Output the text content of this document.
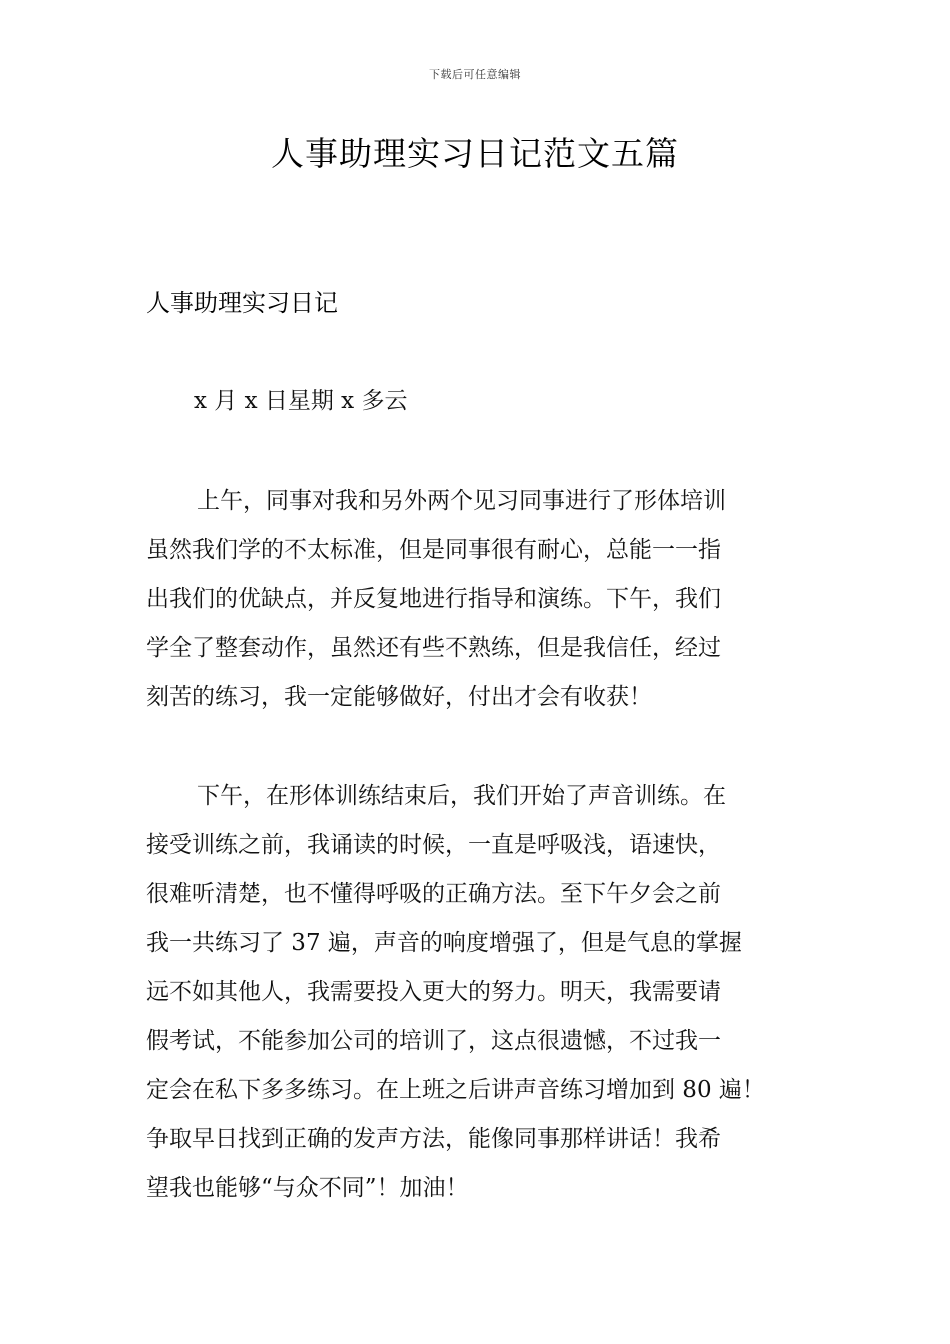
下载后可任意编辑
人事助理实习日记范文五篇

人事助理实习日记

x 月 x 日星期 x 多云

上午，同事对我和另外两个见习同事进行了形体培训
虽然我们学的不太标准，但是同事很有耐心，总能一一指
出我们的优缺点，并反复地进行指导和演练。下午，我们
学全了整套动作，虽然还有些不熟练，但是我信任，经过
刻苦的练习，我一定能够做好，付出才会有收获！
下午，在形体训练结束后，我们开始了声音训练。在
接受训练之前，我诵读的时候，一直是呼吸浅，语速快，
很难听清楚，也不懂得呼吸的正确方法。至下午夕会之前
我一共练习了 37 遍，声音的响度增强了，但是气息的掌握
远不如其他人，我需要投入更大的努力。明天，我需要请
假考试，不能参加公司的培训了，这点很遗憾，不过我一
定会在私下多多练习。在上班之后讲声音练习增加到 80 遍！
争取早日找到正确的发声方法，能像同事那样讲话！我希
望我也能够“与众不同”！加油！
